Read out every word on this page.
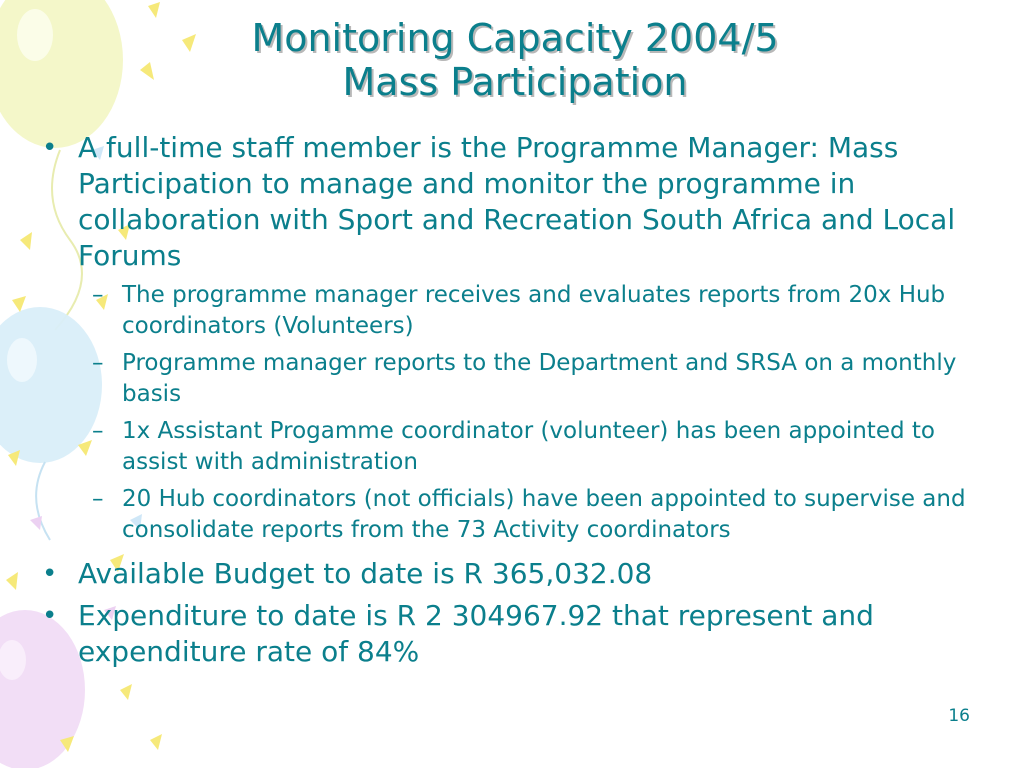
Monitoring Capacity 2004/5
Mass Participation
• A full-time staff member is the Programme Manager: Mass Participation to manage and monitor the programme in collaboration with Sport and Recreation South Africa and Local Forums
– The programme manager receives and evaluates reports from 20x Hub coordinators (Volunteers)
– Programme manager reports to the Department and SRSA on a monthly basis
– 1x Assistant Progamme coordinator (volunteer) has been appointed to assist with administration
– 20 Hub coordinators (not officials) have been appointed to supervise and consolidate reports from the 73 Activity coordinators
• Available Budget to date is R 365,032.08
• Expenditure to date is R 2 304967.92 that represent and expenditure rate of 84%
16
